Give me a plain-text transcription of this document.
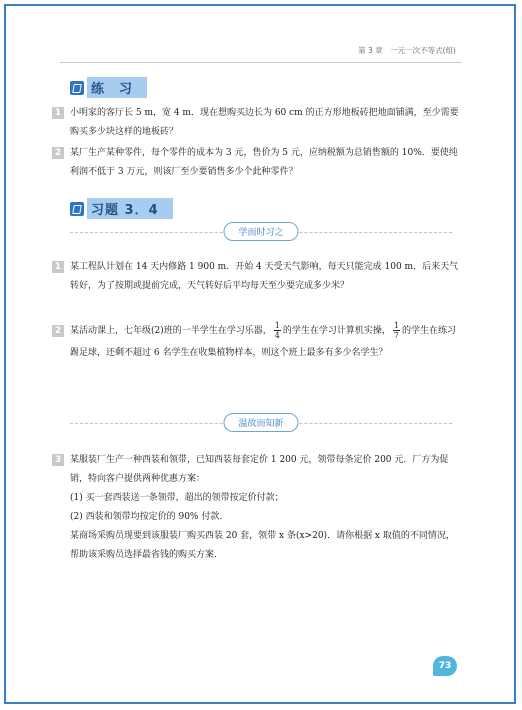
第 3 章　一元一次不等式(组)
练　习
1 小明家的客厅长 5 m，宽 4 m．现在想购买边长为 60 cm 的正方形地板砖把地面铺满，至少需要购买多少块这样的地板砖？
2 某厂生产某种零件，每个零件的成本为 3 元，售价为 5 元，应纳税额为总销售额的 10%．要使纯利润不低于 3 万元，则该厂至少要销售多少个此种零件？
习题 3．4
学而时习之
1 某工程队计划在 14 天内修路 1 900 m．开始 4 天受天气影响，每天只能完成 100 m．后来天气转好，为了按期或提前完成，天气转好后平均每天至少要完成多少米？
2 某活动课上，七年级(2)班的一半学生在学习乐器， $\frac{1}{4}$ 的学生在学习计算机实操， $\frac{1}{7}$ 的学生在练习踢足球，还剩不超过 6 名学生在收集植物样本，则这个班上最多有多少名学生？
温故而知新
3 某服装厂生产一种西装和领带，已知西装每套定价 1 200 元，领带每条定价 200 元．厂方为促销，特向客户提供两种优惠方案：
(1) 买一套西装送一条领带，超出的领带按定价付款；
(2) 西装和领带均按定价的 90% 付款．
某商场采购员现要到该服装厂购买西装 20 套，领带 x 条(x>20)．请你根据 x 取值的不同情况，帮助该采购员选择最省钱的购买方案．
73
